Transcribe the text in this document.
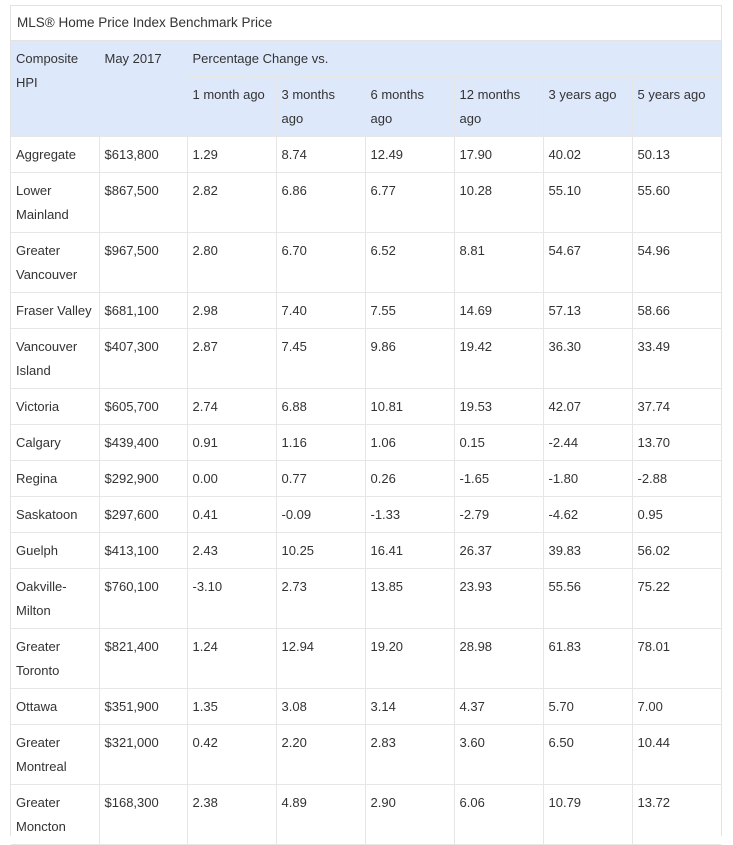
MLS® Home Price Index Benchmark Price
Composite HPI	May 2017	Percentage Change vs.					
		1 month ago	3 months ago	6 months ago	12 months ago	3 years ago	5 years ago
Aggregate	$613,800	1.29	8.74	12.49	17.90	40.02	50.13
Lower Mainland	$867,500	2.82	6.86	6.77	10.28	55.10	55.60
Greater Vancouver	$967,500	2.80	6.70	6.52	8.81	54.67	54.96
Fraser Valley	$681,100	2.98	7.40	7.55	14.69	57.13	58.66
Vancouver Island	$407,300	2.87	7.45	9.86	19.42	36.30	33.49
Victoria	$605,700	2.74	6.88	10.81	19.53	42.07	37.74
Calgary	$439,400	0.91	1.16	1.06	0.15	-2.44	13.70
Regina	$292,900	0.00	0.77	0.26	-1.65	-1.80	-2.88
Saskatoon	$297,600	0.41	-0.09	-1.33	-2.79	-4.62	0.95
Guelph	$413,100	2.43	10.25	16.41	26.37	39.83	56.02
Oakville-Milton	$760,100	-3.10	2.73	13.85	23.93	55.56	75.22
Greater Toronto	$821,400	1.24	12.94	19.20	28.98	61.83	78.01
Ottawa	$351,900	1.35	3.08	3.14	4.37	5.70	7.00
Greater Montreal	$321,000	0.42	2.20	2.83	3.60	6.50	10.44
Greater Moncton	$168,300	2.38	4.89	2.90	6.06	10.79	13.72
